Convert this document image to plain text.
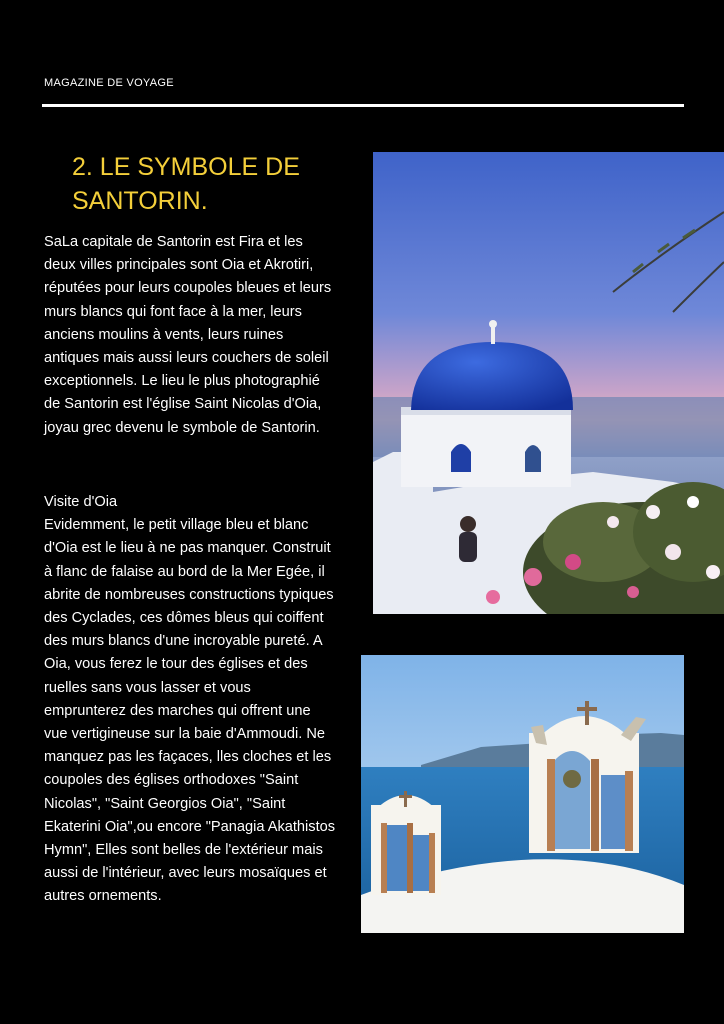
MAGAZINE DE VOYAGE
2. LE SYMBOLE DE SANTORIN.

SaLa capitale de Santorin est Fira et les deux villes principales sont Oia et Akrotiri, réputées pour leurs coupoles bleues et leurs murs blancs qui font face à la mer, leurs anciens moulins à vents, leurs ruines antiques mais aussi leurs couchers de soleil exceptionnels. Le lieu le plus photographié de Santorin est l'église Saint Nicolas d'Oia, joyau grec devenu le symbole de Santorin.

Visite d'Oia
Evidemment, le petit village bleu et blanc d'Oia est le lieu à ne pas manquer. Construit à flanc de falaise au bord de la Mer Egée, il abrite de nombreuses constructions typiques des Cyclades, ces dômes bleus qui coiffent des murs blancs d'une incroyable pureté. A Oia, vous ferez le tour des églises et des ruelles sans vous lasser et vous emprunterez des marches qui offrent une vue vertigineuse sur la baie d'Ammoudi. Ne manquez pas les façaces, lles cloches et les coupoles des églises orthodoxes "Saint Nicolas", "Saint Georgios Oia", "Saint Ekaterini Oia",ou encore "Panagia Akathistos Hymn", Elles sont belles de l'extérieur mais aussi de l'intérieur, avec leurs mosaïques et autres ornements.
